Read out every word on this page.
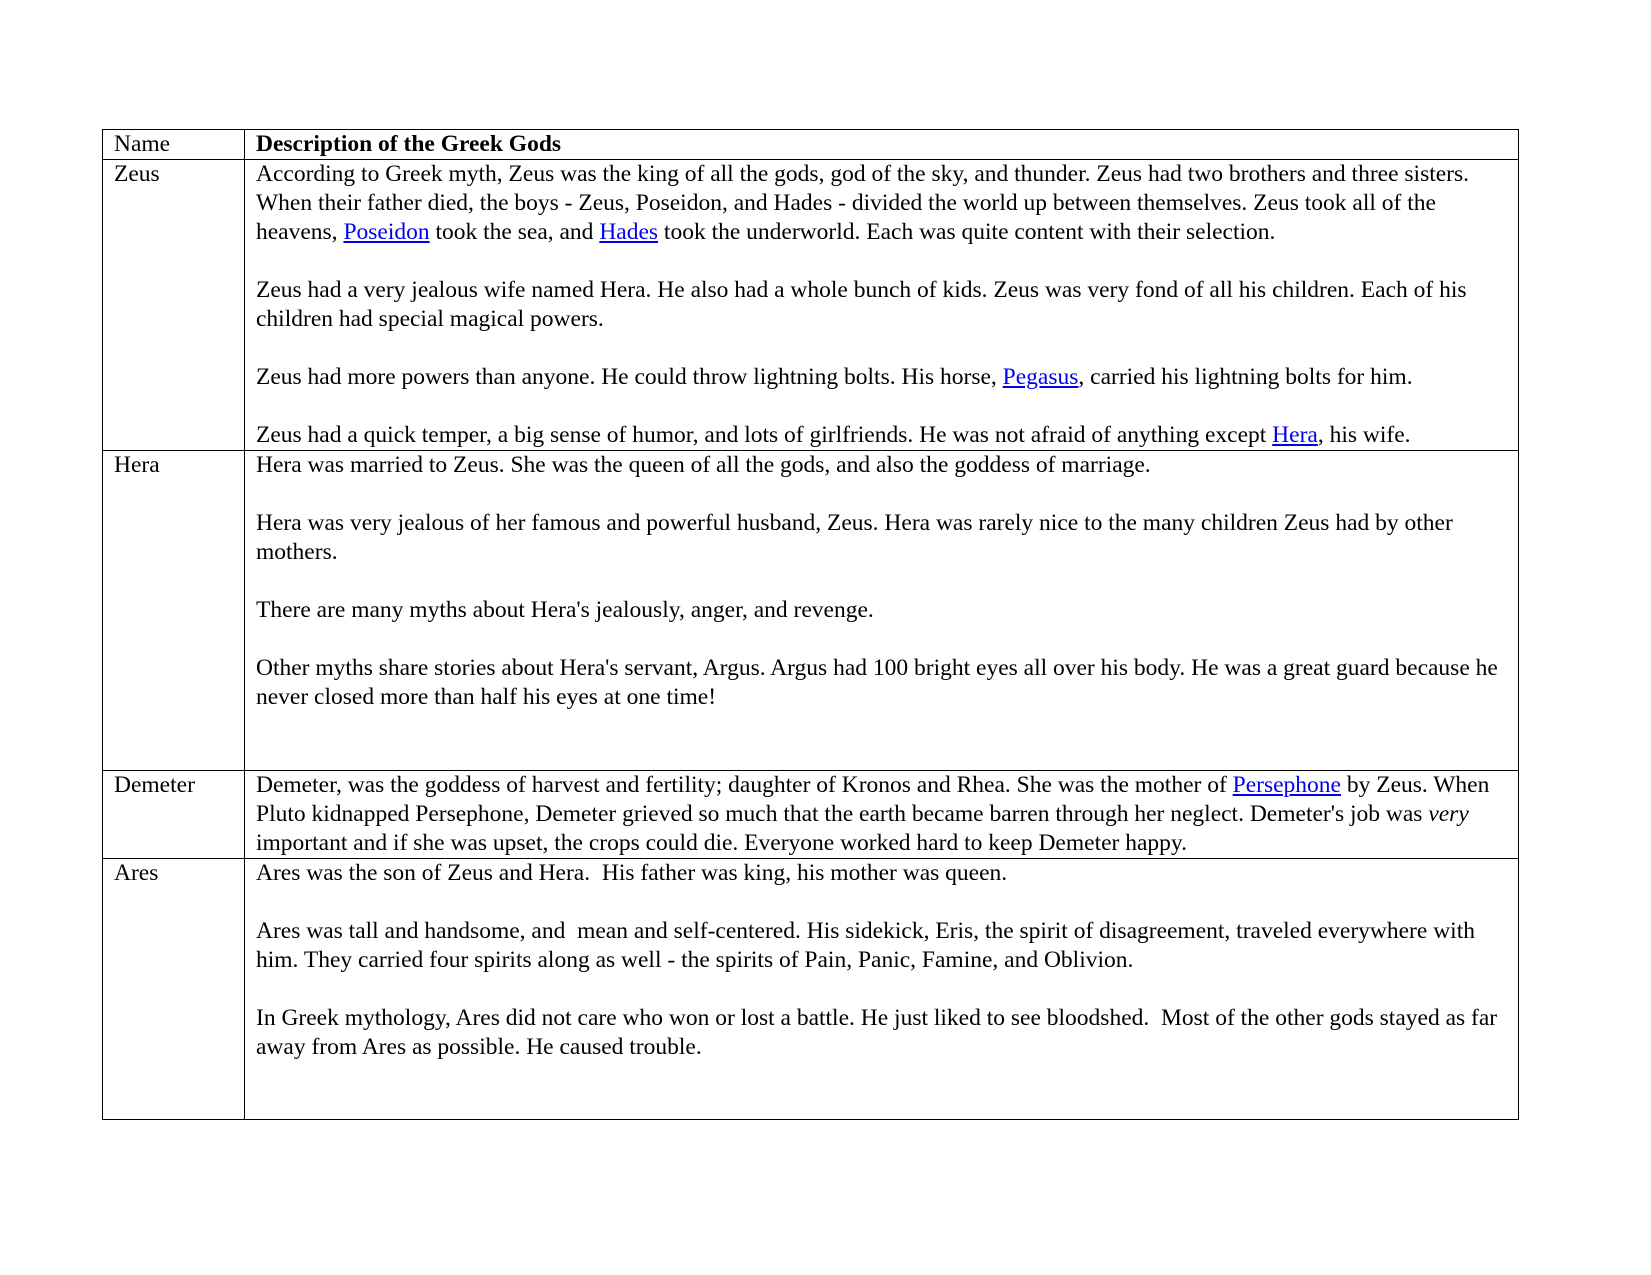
Name	Description of the Greek Gods
Zeus	According to Greek myth, Zeus was the king of all the gods, god of the sky, and thunder. Zeus had two brothers and three sisters. When their father died, the boys - Zeus, Poseidon, and Hades - divided the world up between themselves. Zeus took all of the heavens, Poseidon took the sea, and Hades took the underworld. Each was quite content with their selection.

Zeus had a very jealous wife named Hera. He also had a whole bunch of kids. Zeus was very fond of all his children. Each of his children had special magical powers.

Zeus had more powers than anyone. He could throw lightning bolts. His horse, Pegasus, carried his lightning bolts for him.

Zeus had a quick temper, a big sense of humor, and lots of girlfriends. He was not afraid of anything except Hera, his wife.

Hera	Hera was married to Zeus. She was the queen of all the gods, and also the goddess of marriage.

Hera was very jealous of her famous and powerful husband, Zeus. Hera was rarely nice to the many children Zeus had by other mothers.

There are many myths about Hera's jealously, anger, and revenge.

Other myths share stories about Hera's servant, Argus. Argus had 100 bright eyes all over his body. He was a great guard because he never closed more than half his eyes at one time!

Demeter	Demeter, was the goddess of harvest and fertility; daughter of Kronos and Rhea. She was the mother of Persephone by Zeus. When Pluto kidnapped Persephone, Demeter grieved so much that the earth became barren through her neglect. Demeter's job was very important and if she was upset, the crops could die. Everyone worked hard to keep Demeter happy.

Ares	Ares was the son of Zeus and Hera.  His father was king, his mother was queen.

Ares was tall and handsome, and  mean and self-centered. His sidekick, Eris, the spirit of disagreement, traveled everywhere with him. They carried four spirits along as well - the spirits of Pain, Panic, Famine, and Oblivion.

In Greek mythology, Ares did not care who won or lost a battle. He just liked to see bloodshed.  Most of the other gods stayed as far away from Ares as possible. He caused trouble.
